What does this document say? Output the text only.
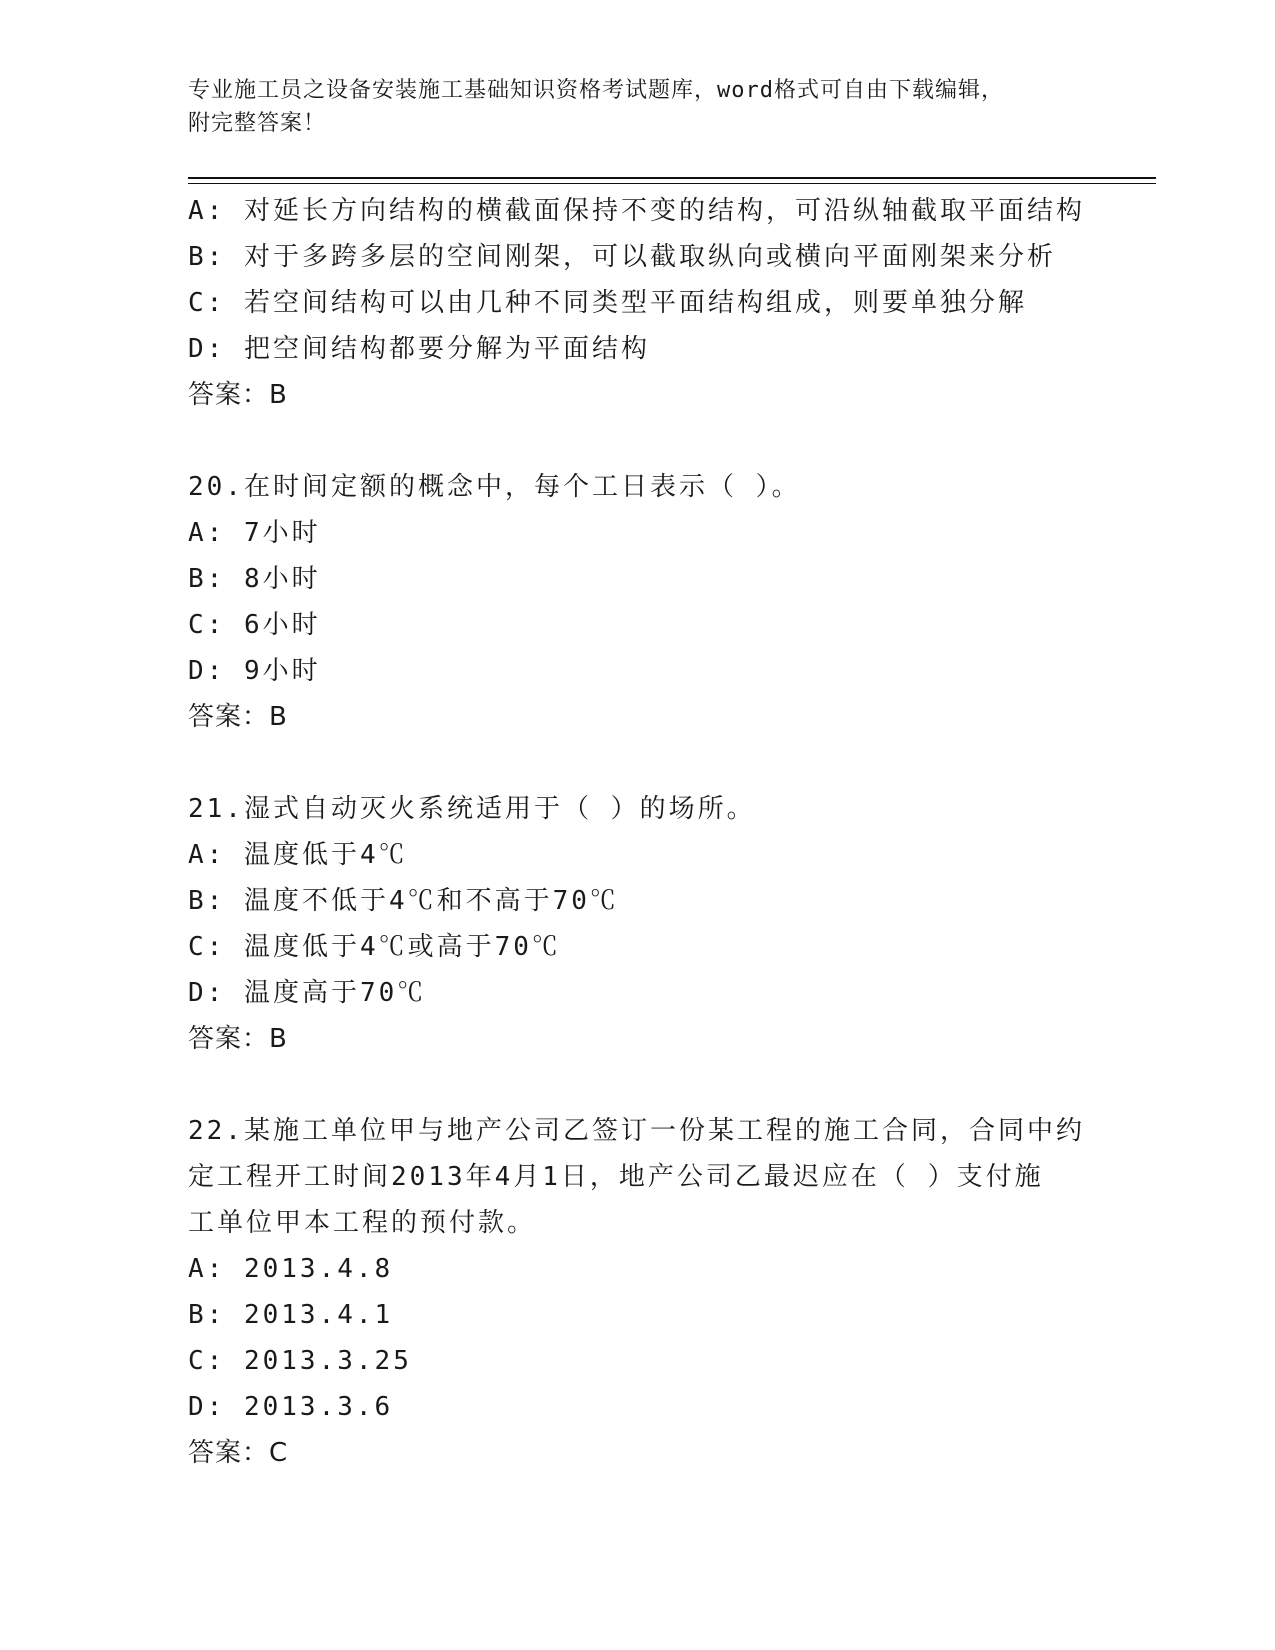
专业施工员之设备安装施工基础知识资格考试题库，word格式可自由下载编辑，
附完整答案！
A: 对延长方向结构的横截面保持不变的结构，可沿纵轴截取平面结构
B: 对于多跨多层的空间刚架，可以截取纵向或横向平面刚架来分析
C: 若空间结构可以由几种不同类型平面结构组成，则要单独分解
D: 把空间结构都要分解为平面结构
答案：B
20.在时间定额的概念中，每个工日表示（ ）。
A: 7小时
B: 8小时
C: 6小时
D: 9小时
答案：B
21.湿式自动灭火系统适用于（ ）的场所。
A: 温度低于4℃
B: 温度不低于4℃和不高于70℃
C: 温度低于4℃或高于70℃
D: 温度高于70℃
答案：B
22.某施工单位甲与地产公司乙签订一份某工程的施工合同，合同中约
定工程开工时间2013年4月1日，地产公司乙最迟应在（ ）支付施
工单位甲本工程的预付款。
A: 2013.4.8
B: 2013.4.1
C: 2013.3.25
D: 2013.3.6
答案：C
